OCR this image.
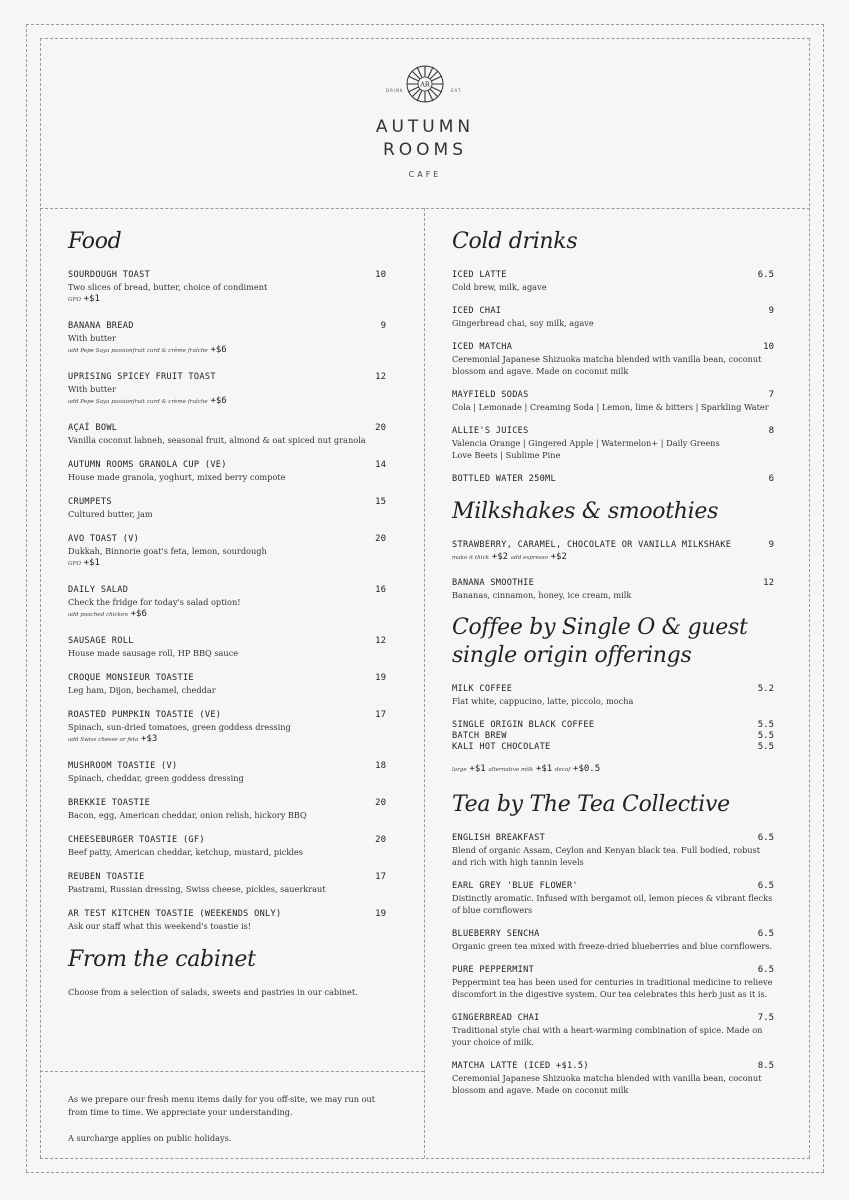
AR
DRINK	EAT
AUTUMN
ROOMS
CAFE
Food
SOURDOUGH TOAST	10
Two slices of bread, butter, choice of condiment
GFO +$1
BANANA BREAD	9
With butter
add Pepe Saya passionfruit curd & crème fraîche +$6
UPRISING SPICEY FRUIT TOAST	12
With butter
add Pepe Saya passionfruit curd & crème fraîche +$6
AÇAÍ BOWL	20
Vanilla coconut labneh, seasonal fruit, almond & oat spiced nut granola
AUTUMN ROOMS GRANOLA CUP (VE)	14
House made granola, yoghurt, mixed berry compote
CRUMPETS	15
Cultured butter, jam
AVO TOAST (V)	20
Dukkah, Binnorie goat's feta, lemon, sourdough
GFO +$1
DAILY SALAD	16
Check the fridge for today's salad option!
add poached chicken +$6
SAUSAGE ROLL	12
House made sausage roll, HP BBQ sauce
CROQUE MONSIEUR TOASTIE	19
Leg ham, Dijon, bechamel, cheddar
ROASTED PUMPKIN TOASTIE (VE)	17
Spinach, sun-dried tomatoes, green goddess dressing
add Swiss cheese or feta +$3
MUSHROOM TOASTIE (V)	18
Spinach, cheddar, green goddess dressing
BREKKIE TOASTIE	20
Bacon, egg, American cheddar, onion relish, hickory BBQ
CHEESEBURGER TOASTIE (GF)	20
Beef patty, American cheddar, ketchup, mustard, pickles
REUBEN TOASTIE	17
Pastrami, Russian dressing, Swiss cheese, pickles, sauerkraut
AR TEST KITCHEN TOASTIE (WEEKENDS ONLY)	19
Ask our staff what this weekend's toastie is!
From the cabinet
Choose from a selection of salads, sweets and pastries in our cabinet.

As we prepare our fresh menu items daily for you off-site, we may run out from time to time. We appreciate your understanding.

A surcharge applies on public holidays.

Cold drinks
ICED LATTE	6.5
Cold brew, milk, agave
ICED CHAI	9
Gingerbread chai, soy milk, agave
ICED MATCHA	10
Ceremonial Japanese Shizuoka matcha blended with vanilla bean, coconut blossom and agave. Made on coconut milk
MAYFIELD SODAS	7
Cola | Lemonade | Creaming Soda | Lemon, lime & bitters | Sparkling Water
ALLIE'S JUICES	8
Valencia Orange | Gingered Apple | Watermelon+ | Daily Greens
Love Beets | Sublime Pine
BOTTLED WATER 250ML	6
Milkshakes & smoothies
STRAWBERRY, CARAMEL, CHOCOLATE OR VANILLA MILKSHAKE	9
make it thick +$2 add espresso +$2
BANANA SMOOTHIE	12
Bananas, cinnamon, honey, ice cream, milk
Coffee by Single O & guest
single origin offerings
MILK COFFEE	5.2
Flat white, cappucino, latte, piccolo, mocha
SINGLE ORIGIN BLACK COFFEE	5.5
BATCH BREW	5.5
KALI HOT CHOCOLATE	5.5
large +$1 alternative milk +$1 decaf +$0.5
Tea by The Tea Collective
ENGLISH BREAKFAST	6.5
Blend of organic Assam, Ceylon and Kenyan black tea. Full bodied, robust and rich with high tannin levels
EARL GREY 'BLUE FLOWER'	6.5
Distinctly aromatic. Infused with bergamot oil, lemon pieces & vibrant flecks of blue cornflowers
BLUEBERRY SENCHA	6.5
Organic green tea mixed with freeze-dried blueberries and blue cornflowers.
PURE PEPPERMINT	6.5
Peppermint tea has been used for centuries in traditional medicine to relieve discomfort in the digestive system. Our tea celebrates this herb just as it is.
GINGERBREAD CHAI	7.5
Traditional style chai with a heart-warming combination of spice. Made on your choice of milk.
MATCHA LATTE (ICED +$1.5)	8.5
Ceremonial Japanese Shizuoka matcha blended with vanilla bean, coconut blossom and agave. Made on coconut milk
